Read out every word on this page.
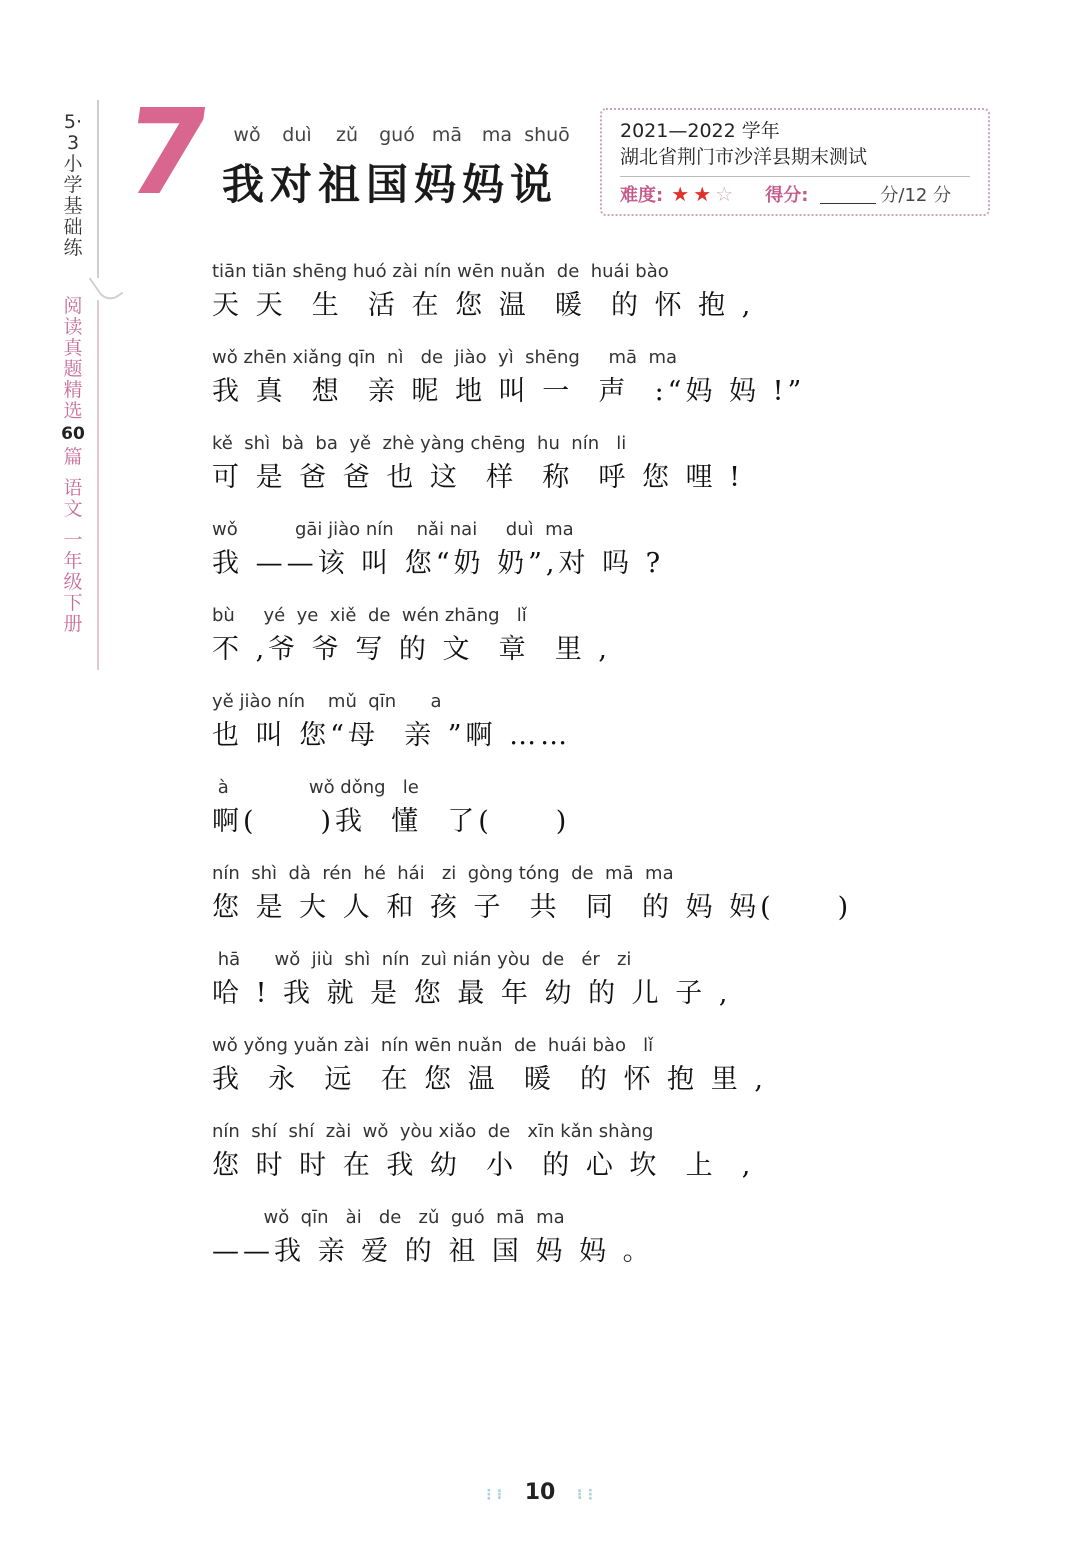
5·3小学基础练
阅 读 真 题 精 选
60
篇
语文
一年级下册
7 wǒ	duì	zǔ	guó mā	ma shuō
我对祖国妈妈说
2021—2022 学年
湖北省荆门市沙洋县期末测试
难度: ★ ★ ☆ 得分:	分/12 分
tiān tiān shēng huó zài nín wēn nuǎn  de  huái bào
天 天  生  活 在 您 温  暖  的 怀 抱 ,
wǒ zhēn xiǎng qīn  nì   de  jiào  yì  shēng     mā  ma
我 真  想  亲 昵 地 叫 一  声  :“妈 妈 !”
kě  shì  bà  ba  yě  zhè yàng chēng  hu  nín   li
可 是 爸 爸 也 这  样  称  呼 您 哩 !
wǒ          gāi jiào nín    nǎi nai     duì  ma
我 ——该 叫 您“奶 奶”,对 吗 ?
bù     yé  ye  xiě  de  wén zhāng   lǐ
不 ,爷 爷 写 的 文  章  里 ,
yě jiào nín    mǔ  qīn      a
也 叫 您“母  亲 ”啊 ……
à              wǒ dǒng   le
啊(     )我  懂  了(     )
nín  shì  dà  rén  hé  hái   zi  gòng tóng  de  mā  ma
您 是 大 人 和 孩 子  共  同  的 妈 妈(     )
hā      wǒ  jiù  shì  nín  zuì nián yòu  de   ér   zi
哈 ! 我 就 是 您 最 年 幼 的 儿 子 ,
wǒ yǒng yuǎn zài  nín wēn nuǎn  de  huái bào   lǐ
我  永  远  在 您 温  暖  的 怀 抱 里 ,
nín  shí  shí  zài  wǒ  yòu xiǎo  de   xīn kǎn shàng
您 时 时 在 我 幼  小  的 心 坎  上  ,
wǒ  qīn   ài   de   zǔ  guó  mā  ma
——我 亲 爱 的 祖 国 妈 妈 。
⋮⁝ 10 ⁝⋮
